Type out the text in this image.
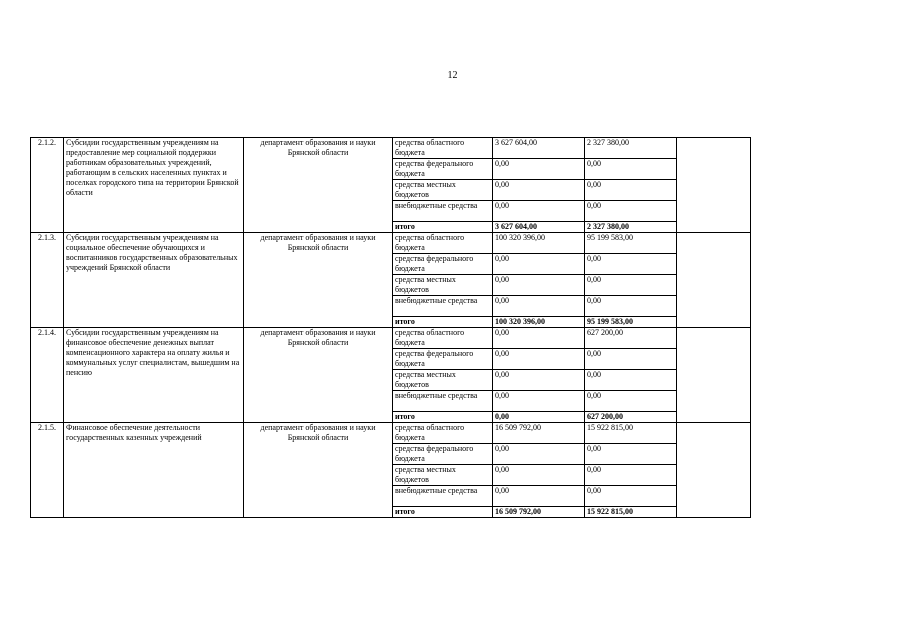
12
2.1.2.	Субсидии государственным учреждениям на предоставление мер социальной поддержки работникам образовательных учреждений, работающим в сельских населенных пунктах и поселках городского типа на территории Брянской области	департамент образования и науки Брянской области	средства областного бюджета	3 627 604,00	2 327 380,00	
			средства федерального бюджета	0,00	0,00	
			средства местных бюджетов	0,00	0,00	
			внебюджетные средства	0,00	0,00	
			итого	3 627 604,00	2 327 380,00	
2.1.3.	Субсидии государственным учреждениям на социальное обеспечение обучающихся и воспитанников государственных образовательных учреждений Брянской области	департамент образования и науки Брянской области	средства областного бюджета	100 320 396,00	95 199 583,00	
			средства федерального бюджета	0,00	0,00	
			средства местных бюджетов	0,00	0,00	
			внебюджетные средства	0,00	0,00	
			итого	100 320 396,00	95 199 583,00	
2.1.4.	Субсидии государственным учреждениям на финансовое обеспечение денежных выплат компенсационного характера на оплату жилья и коммунальных услуг специалистам, вышедшим на пенсию	департамент образования и науки Брянской области	средства областного бюджета	0,00	627 200,00	
			средства федерального бюджета	0,00	0,00	
			средства местных бюджетов	0,00	0,00	
			внебюджетные средства	0,00	0,00	
			итого	0,00	627 200,00	
2.1.5.	Финансовое обеспечение деятельности государственных казенных учреждений	департамент образования и науки Брянской области	средства областного бюджета	16 509 792,00	15 922 815,00	
			средства федерального бюджета	0,00	0,00	
			средства местных бюджетов	0,00	0,00	
			внебюджетные средства	0,00	0,00	
			итого	16 509 792,00	15 922 815,00	
